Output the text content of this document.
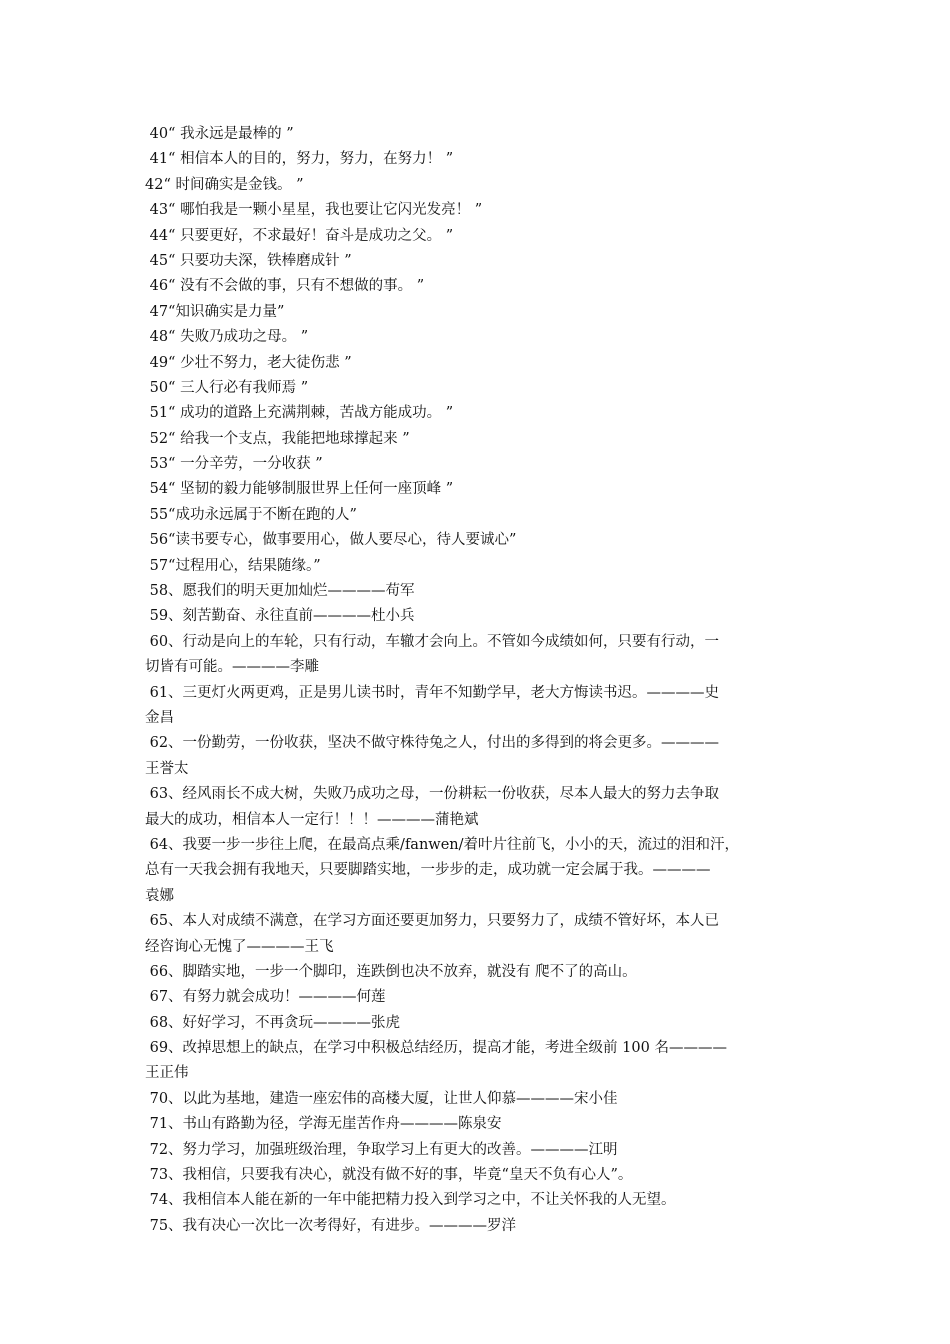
40“ 我永远是最棒的 ”
41“ 相信本人的目的，努力，努力，在努力！ ”
42“ 时间确实是金钱。 ”
43“ 哪怕我是一颗小星星，我也要让它闪光发亮！ ”
44“ 只要更好，不求最好！奋斗是成功之父。 ”
45“ 只要功夫深，铁棒磨成针 ”
46“ 没有不会做的事，只有不想做的事。 ”
47“知识确实是力量”
48“ 失败乃成功之母。 ”
49“ 少壮不努力，老大徒伤悲 ”
50“ 三人行必有我师焉 ”
51“ 成功的道路上充满荆棘，苦战方能成功。 ”
52“ 给我一个支点，我能把地球撑起来 ”
53“ 一分辛劳，一分收获 ”
54“ 坚韧的毅力能够制服世界上任何一座顶峰 ”
55“成功永远属于不断在跑的人”
56“读书要专心，做事要用心，做人要尽心，待人要诚心”
57“过程用心，结果随缘。”
58、愿我们的明天更加灿烂————苟军
59、刻苦勤奋、永往直前————杜小兵
60、行动是向上的车轮，只有行动，车辙才会向上。不管如今成绩如何，只要有行动，一
切皆有可能。————李雕
61、三更灯火两更鸡，正是男儿读书时，青年不知勤学早，老大方悔读书迟。————史
金昌
62、一份勤劳，一份收获，坚决不做守株待兔之人，付出的多得到的将会更多。————
王誉太
63、经风雨长不成大树，失败乃成功之母，一份耕耘一份收获，尽本人最大的努力去争取
最大的成功，相信本人一定行！！！————蒲艳斌
64、我要一步一步往上爬，在最高点乘/fanwen/着叶片往前飞，小小的天，流过的泪和汗，
总有一天我会拥有我地天，只要脚踏实地，一步步的走，成功就一定会属于我。————
袁娜
65、本人对成绩不满意，在学习方面还要更加努力，只要努力了，成绩不管好坏，本人已
经咨询心无愧了————王飞
66、脚踏实地，一步一个脚印，连跌倒也决不放弃，就没有 爬不了的高山。
67、有努力就会成功！————何莲
68、好好学习，不再贪玩————张虎
69、改掉思想上的缺点，在学习中积极总结经历，提高才能，考进全级前 100 名————
王正伟
70、以此为基地，建造一座宏伟的高楼大厦，让世人仰慕————宋小佳
71、书山有路勤为径，学海无崖苦作舟————陈泉安
72、努力学习，加强班级治理，争取学习上有更大的改善。————江明
73、我相信，只要我有决心，就没有做不好的事，毕竟“皇天不负有心人”。
74、我相信本人能在新的一年中能把精力投入到学习之中，不让关怀我的人无望。
75、我有决心一次比一次考得好，有进步。————罗洋
